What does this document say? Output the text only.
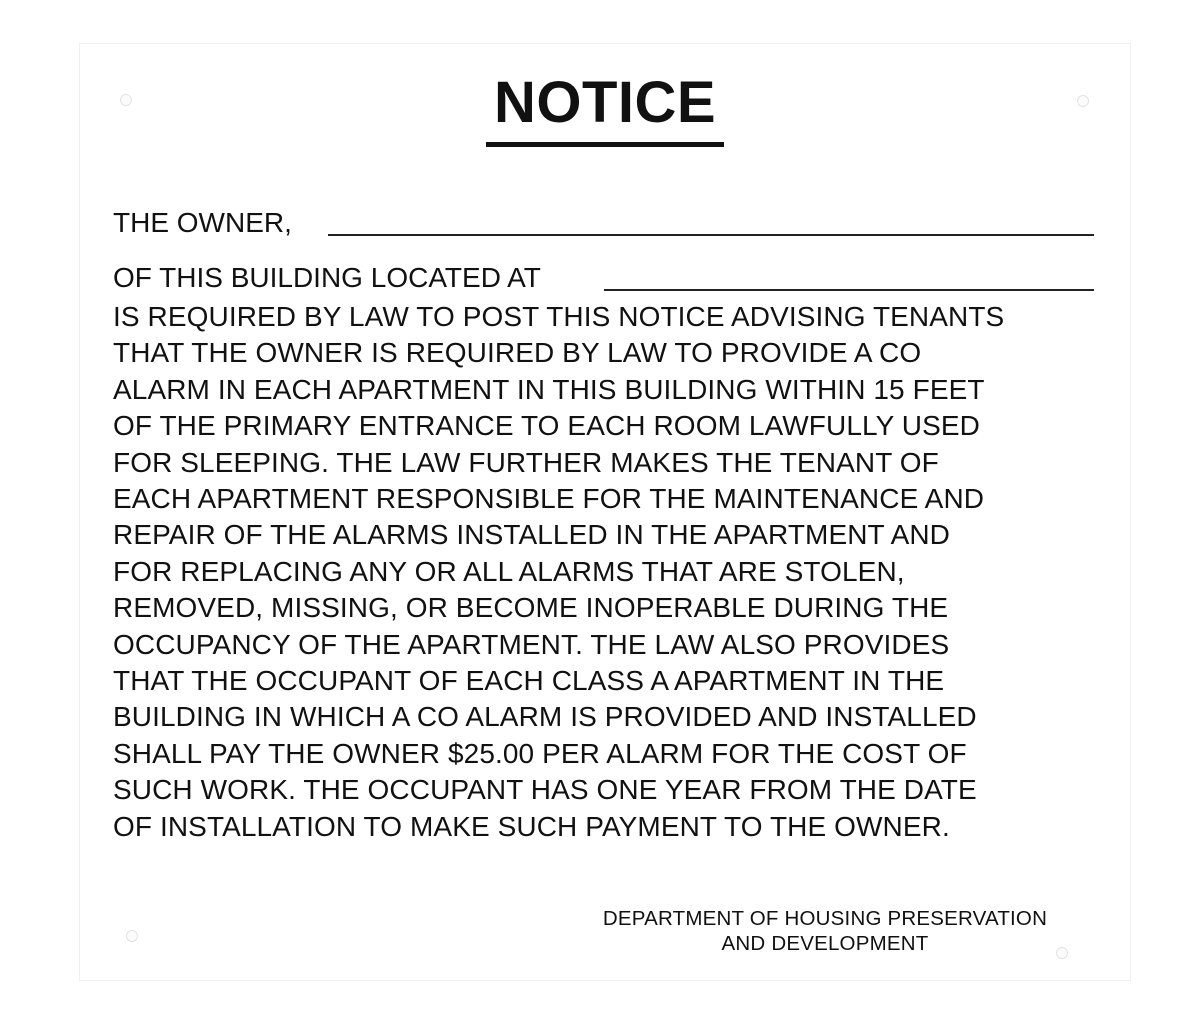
NOTICE
THE OWNER,
OF THIS BUILDING LOCATED AT

IS REQUIRED BY LAW TO POST THIS NOTICE ADVISING TENANTS
THAT THE OWNER IS REQUIRED BY LAW TO PROVIDE A CO
ALARM IN EACH APARTMENT IN THIS BUILDING WITHIN 15 FEET
OF THE PRIMARY ENTRANCE TO EACH ROOM LAWFULLY USED
FOR SLEEPING. THE LAW FURTHER MAKES THE TENANT OF
EACH APARTMENT RESPONSIBLE FOR THE MAINTENANCE AND
REPAIR OF THE ALARMS INSTALLED IN THE APARTMENT AND
FOR REPLACING ANY OR ALL ALARMS THAT ARE STOLEN,
REMOVED, MISSING, OR BECOME INOPERABLE DURING THE
OCCUPANCY OF THE APARTMENT. THE LAW ALSO PROVIDES
THAT THE OCCUPANT OF EACH CLASS A APARTMENT IN THE
BUILDING IN WHICH A CO ALARM IS PROVIDED AND INSTALLED
SHALL PAY THE OWNER $25.00 PER ALARM FOR THE COST OF
SUCH WORK. THE OCCUPANT HAS ONE YEAR FROM THE DATE
OF INSTALLATION TO MAKE SUCH PAYMENT TO THE OWNER.

DEPARTMENT OF HOUSING PRESERVATION
AND DEVELOPMENT
